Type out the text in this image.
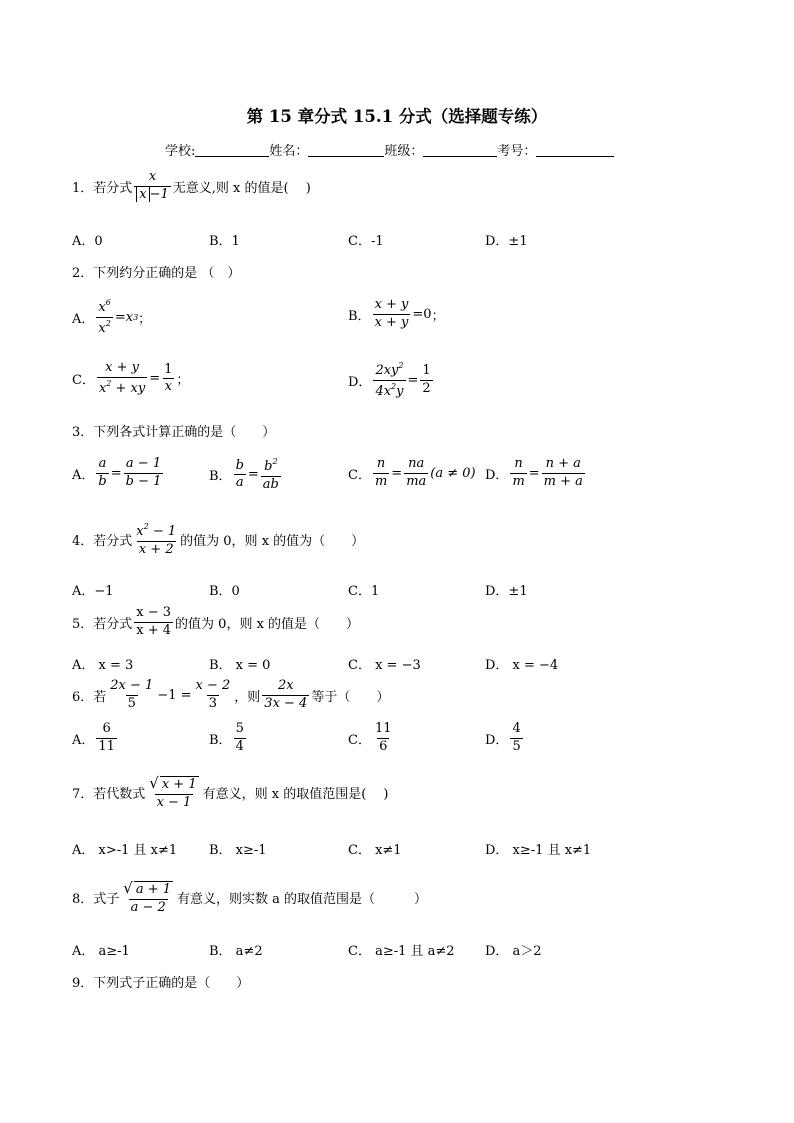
第 15 章分式 15.1 分式（选择题专练）
学校:	姓名：	班级：	考号：
1．若分式 $\frac{x}{x -1}$ 无意义,则 x 的值是(　 )
A．0	B．1	C．-1	D．±1
2．下列约分正确的是 （　）
A． $\frac{x^6}{x^2} =x$ 3 ；	B． $\frac{x + y}{x + y} =0$ ；
C． $\frac{x + y}{x^2 + xy} = \frac{1}{x}$ ；	D． $\frac{2xy^2}{4x^2y} = \frac{1}{2}$
3．下列各式计算正确的是（　　）
A． $\frac{a}{b} = \frac{a - 1}{b - 1}$	B． $\frac{b}{a} = \frac{b^2}{ab}$	C． $\frac{n}{m} = \frac{na}{ma} (a \ne 0)$ D． $\frac{n}{m} = \frac{n + a}{m + a}$
4．若分式 $\frac{x^2 - 1}{x + 2}$ 的值为 0，则 x 的值为（　　）
A．−1	B．0	C．1	D．±1
5．若分式 $\frac{x - 3}{x + 4}$ 的值为 0，则 x 的值是（　　）
A． x = 3	B． x = 0	C． x = −3	D． x = −4
6．若 $\frac{2x - 1}{5} -1 = \frac{x - 2}{3}$ ，则 $\frac{2x}{3x - 4}$ 等于（　　）
A． $\frac{6}{11}$	B． $\frac{5}{4}$	C． $\frac{11}{6}$	D． $\frac{4}{5}$
7．若代数式 $\frac{√ x + 1}{x - 1}$ 有意义，则 x 的取值范围是(　 )
A． x>-1 且 x≠1 B． x≥-1	C． x≠1	D． x≥-1 且 x≠1
8．式子 $\frac{√ a + 1}{a - 2}$ 有意义，则实数 a 的取值范围是（　　　）
A． a≥-1	B． a≠2	C． a≥-1 且 a≠2 D． a＞2
9．下列式子正确的是（　　）
